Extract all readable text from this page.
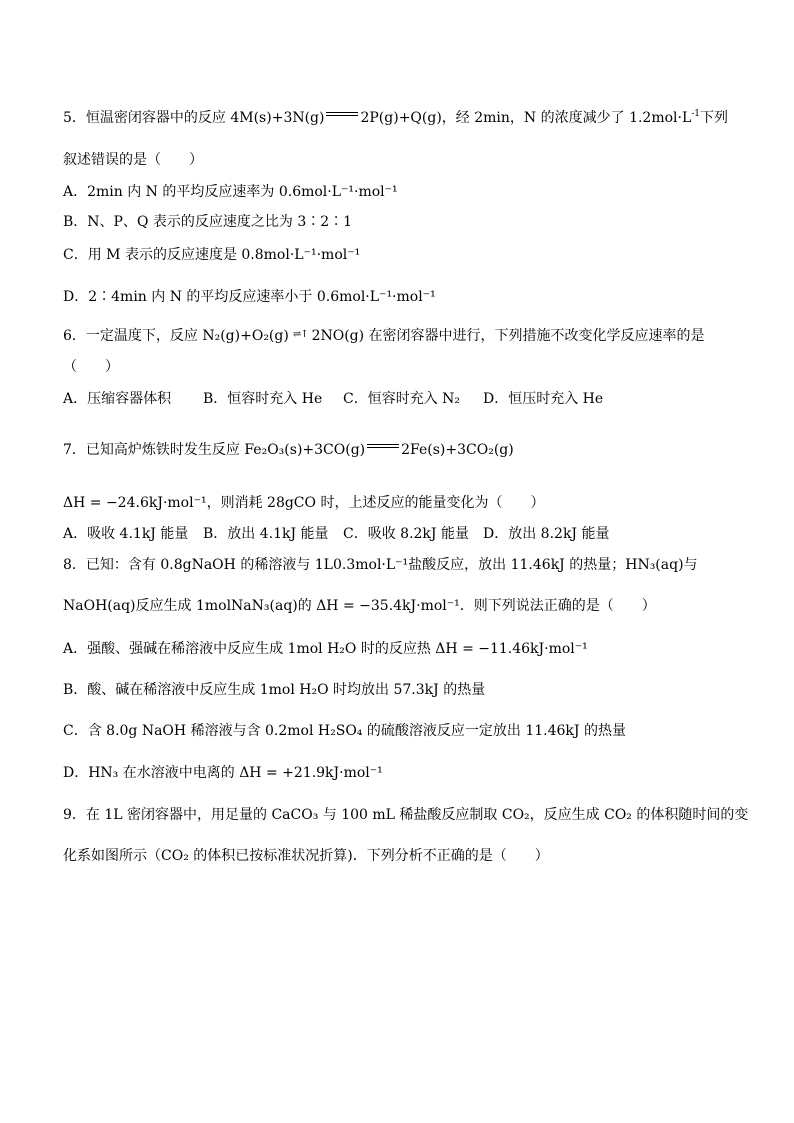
5．恒温密闭容器中的反应 4M(s)+3N(g)	2P(g)+Q(g)，经 2min，N 的浓度减少了 $1.2mol\cdot L^{-1}$下列
叙述错误的是（　　）
A．2min 内 N 的平均反应速率为 0.6mol·L⁻¹·mol⁻¹
B．N、P、Q 表示的反应速度之比为 3∶2∶1
C．用 M 表示的反应速度是 0.8mol·L⁻¹·mol⁻¹
D．2∶4min 内 N 的平均反应速率小于 0.6mol·L⁻¹·mol⁻¹
6．一定温度下，反应 N₂(g)+O₂(g) ⇌↑ 2NO(g) 在密闭容器中进行，下列措施不改变化学反应速率的是
（　　）
A．压缩容器体积 B．恒容时充入 He C．恒容时充入 N₂ D．恒压时充入 He
7．已知高炉炼铁时发生反应 Fe₂O₃(s)+3CO(g)	2Fe(s)+3CO₂(g)
ΔH = −24.6kJ·mol⁻¹，则消耗 28gCO 时，上述反应的能量变化为（　　）
A．吸收 4.1kJ 能量 B．放出 4.1kJ 能量 C．吸收 8.2kJ 能量 D．放出 8.2kJ 能量
8．已知：含有 0.8gNaOH 的稀溶液与 1L0.3mol·L⁻¹盐酸反应，放出 11.46kJ 的热量；HN₃(aq)与
NaOH(aq)反应生成 1molNaN₃(aq)的 ΔH = −35.4kJ·mol⁻¹．则下列说法正确的是（　　）
A．强酸、强碱在稀溶液中反应生成 1mol H₂O 时的反应热 ΔH = −11.46kJ·mol⁻¹
B．酸、碱在稀溶液中反应生成 1mol H₂O 时均放出 57.3kJ 的热量
C．含 8.0g NaOH 稀溶液与含 0.2mol H₂SO₄ 的硫酸溶液反应一定放出 11.46kJ 的热量
D．HN₃ 在水溶液中电离的 ΔH = +21.9kJ·mol⁻¹
9．在 1L 密闭容器中，用足量的 CaCO₃ 与 100 mL 稀盐酸反应制取 CO₂，反应生成 CO₂ 的体积随时间的变
化系如图所示（CO₂ 的体积已按标准状况折算)．下列分析不正确的是（　　）
